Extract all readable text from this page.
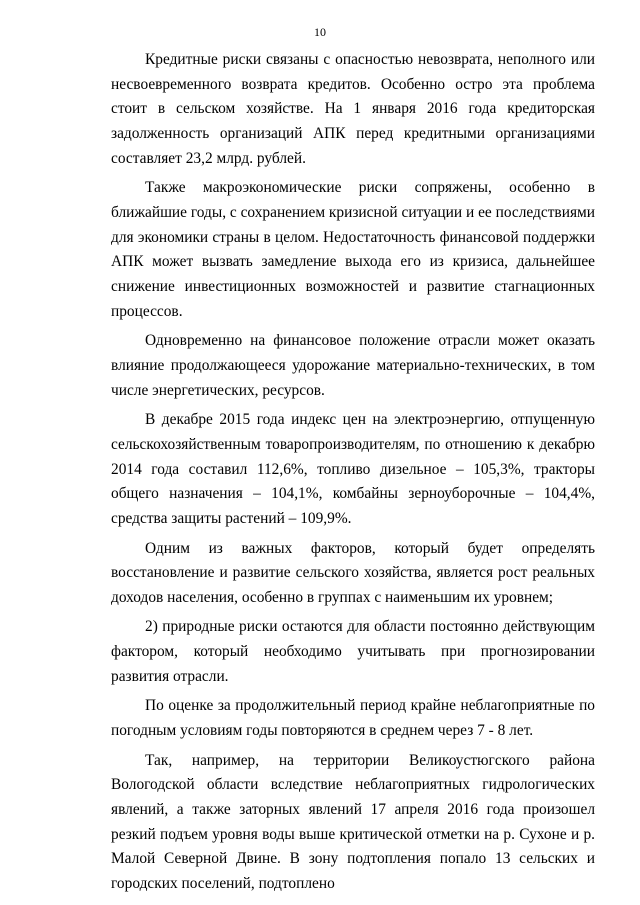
10

Кредитные риски связаны с опасностью невозврата, неполного или несвоевременного возврата кредитов. Особенно остро эта проблема стоит в сельском хозяйстве. На 1 января 2016 года кредиторская задолженность организаций АПК перед кредитными организациями составляет 23,2 млрд. рублей.

Также макроэкономические риски сопряжены, особенно в ближайшие годы, с сохранением кризисной ситуации и ее последствиями для экономики страны в целом. Недостаточность финансовой поддержки АПК может вызвать замедление выхода его из кризиса, дальнейшее снижение инвестиционных возможностей и развитие стагнационных процессов.

Одновременно на финансовое положение отрасли может оказать влияние продолжающееся удорожание материально-технических, в том числе энергетических, ресурсов.

В декабре 2015 года индекс цен на электроэнергию, отпущенную сельскохозяйственным товаропроизводителям, по отношению к декабрю 2014 года составил 112,6%, топливо дизельное – 105,3%, тракторы общего назначения – 104,1%, комбайны зерноуборочные – 104,4%, средства защиты растений – 109,9%.

Одним из важных факторов, который будет определять восстановление и развитие сельского хозяйства, является рост реальных доходов населения, особенно в группах с наименьшим их уровнем;

2) природные риски остаются для области постоянно действующим фактором, который необходимо учитывать при прогнозировании развития отрасли.

По оценке за продолжительный период крайне неблагоприятные по погодным условиям годы повторяются в среднем через 7 - 8 лет.

Так, например, на территории Великоустюгского района Вологодской области вследствие неблагоприятных гидрологических явлений, а также заторных явлений 17 апреля 2016 года произошел резкий подъем уровня воды выше критической отметки на р. Сухоне и р. Малой Северной Двине. В зону подтопления попало 13 сельских и городских поселений, подтоплено
